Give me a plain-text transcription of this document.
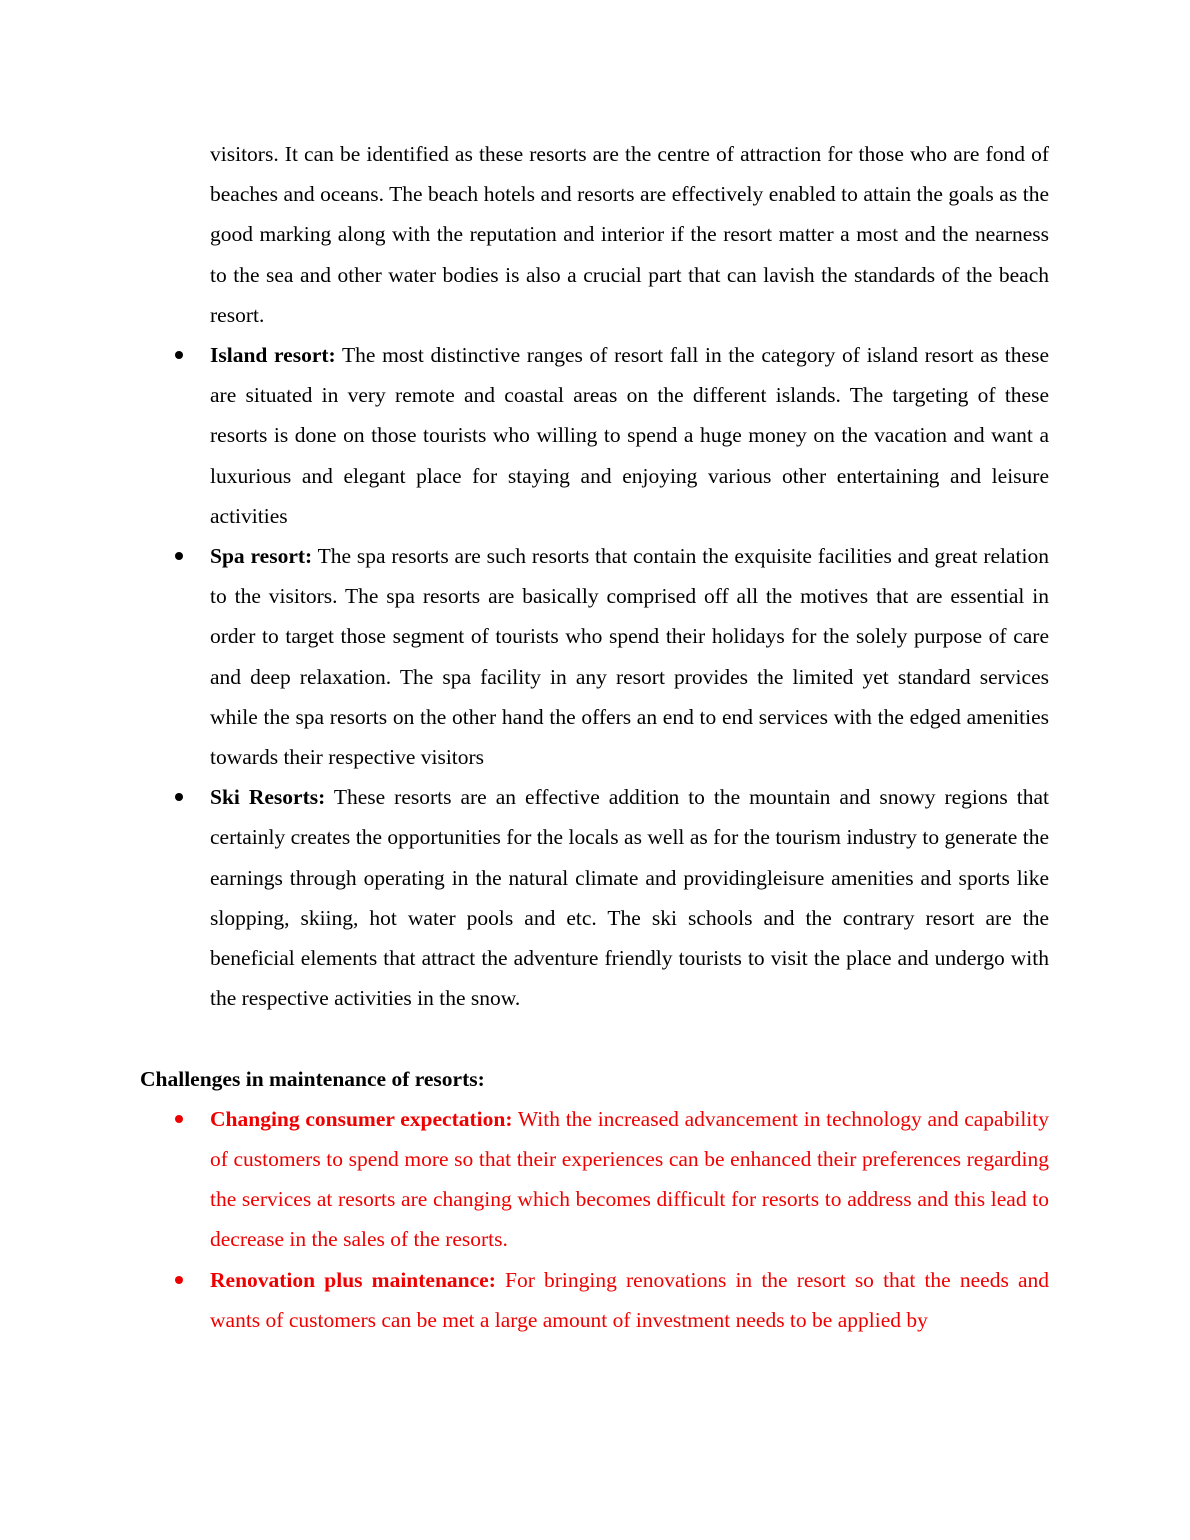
visitors. It can be identified as these resorts are the centre of attraction for those who are fond of beaches and oceans. The beach hotels and resorts are effectively enabled to attain the goals as the good marking along with the reputation and interior if the resort matter a most and the nearness to the sea and other water bodies is also a crucial part that can lavish the standards of the beach resort.

Island resort: The most distinctive ranges of resort fall in the category of island resort as these are situated in very remote and coastal areas on the different islands. The targeting of these resorts is done on those tourists who willing to spend a huge money on the vacation and want a luxurious and elegant place for staying and enjoying various other entertaining and leisure activities
Spa resort: The spa resorts are such resorts that contain the exquisite facilities and great relation to the visitors. The spa resorts are basically comprised off all the motives that are essential in order to target those segment of tourists who spend their holidays for the solely purpose of care and deep relaxation. The spa facility in any resort provides the limited yet standard services while the spa resorts on the other hand the offers an end to end services with the edged amenities towards their respective visitors
Ski Resorts: These resorts are an effective addition to the mountain and snowy regions that certainly creates the opportunities for the locals as well as for the tourism industry to generate the earnings through operating in the natural climate and providingleisure amenities and sports like slopping, skiing, hot water pools and etc. The ski schools and the contrary resort are the beneficial elements that attract the adventure friendly tourists to visit the place and undergo with the respective activities in the snow.

Challenges in maintenance of resorts:

Changing consumer expectation: With the increased advancement in technology and capability of customers to spend more so that their experiences can be enhanced their preferences regarding the services at resorts are changing which becomes difficult for resorts to address and this lead to decrease in the sales of the resorts.
Renovation plus maintenance: For bringing renovations in the resort so that the needs and wants of customers can be met a large amount of investment needs to be applied by
